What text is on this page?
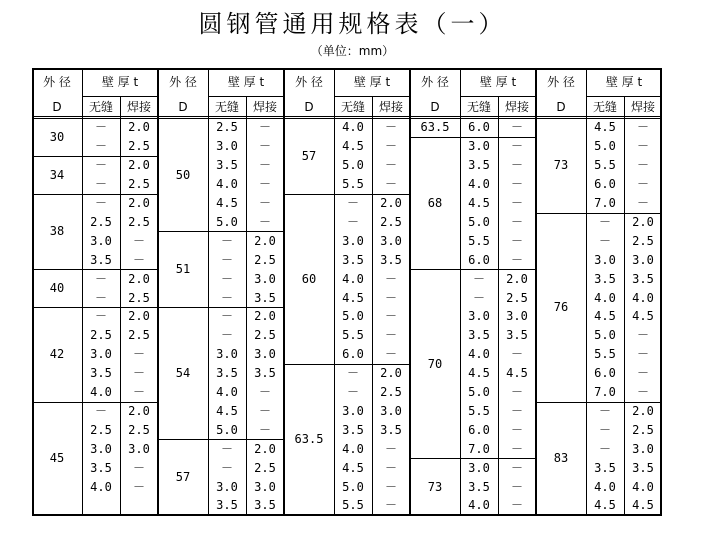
圆钢管通用规格表（一）
（单位：mm）
外 径
D
壁 厚 t
无缝	焊接
30
－	2.0
－	2.5
34
－	2.0
－	2.5
38
－	2.0
2.5	2.5
3.0	－
3.5	－
40
－	2.0
－	2.5
42
－	2.0
2.5	2.5
3.0	－
3.5	－
4.0	－
45
－	2.0
2.5	2.5
3.0	3.0
3.5	－
4.0	－
外 径
D
壁 厚 t
无缝	焊接
50
2.5	－
3.0	－
3.5	－
4.0	－
4.5	－
5.0	－
51
－	2.0
－	2.5
－	3.0
－	3.5
54
－	2.0
－	2.5
3.0	3.0
3.5	3.5
4.0	－
4.5	－
5.0	－
57
－	2.0
－	2.5
3.0	3.0
3.5	3.5
外 径
D
壁 厚 t
无缝	焊接
57
4.0	－
4.5	－
5.0	－
5.5	－
60
－	2.0
－	2.5
3.0	3.0
3.5	3.5
4.0	－
4.5	－
5.0	－
5.5	－
6.0	－
63.5
－	2.0
－	2.5
3.0	3.0
3.5	3.5
4.0	－
4.5	－
5.0	－
5.5	－
外 径
D
壁 厚 t
无缝	焊接
63.5	6.0	－
68
3.0	－
3.5	－
4.0	－
4.5	－
5.0	－
5.5	－
6.0	－
70
－	2.0
－	2.5
3.0	3.0
3.5	3.5
4.0	－
4.5	4.5
5.0	－
5.5	－
6.0	－
7.0	－
73
3.0	－
3.5	－
4.0	－
外 径
D
壁 厚 t
无缝	焊接
73
4.5	－
5.0	－
5.5	－
6.0	－
7.0	－
76
－	2.0
－	2.5
3.0	3.0
3.5	3.5
4.0	4.0
4.5	4.5
5.0	－
5.5	－
6.0	－
7.0	－
83
－	2.0
－	2.5
－	3.0
3.5	3.5
4.0	4.0
4.5	4.5
